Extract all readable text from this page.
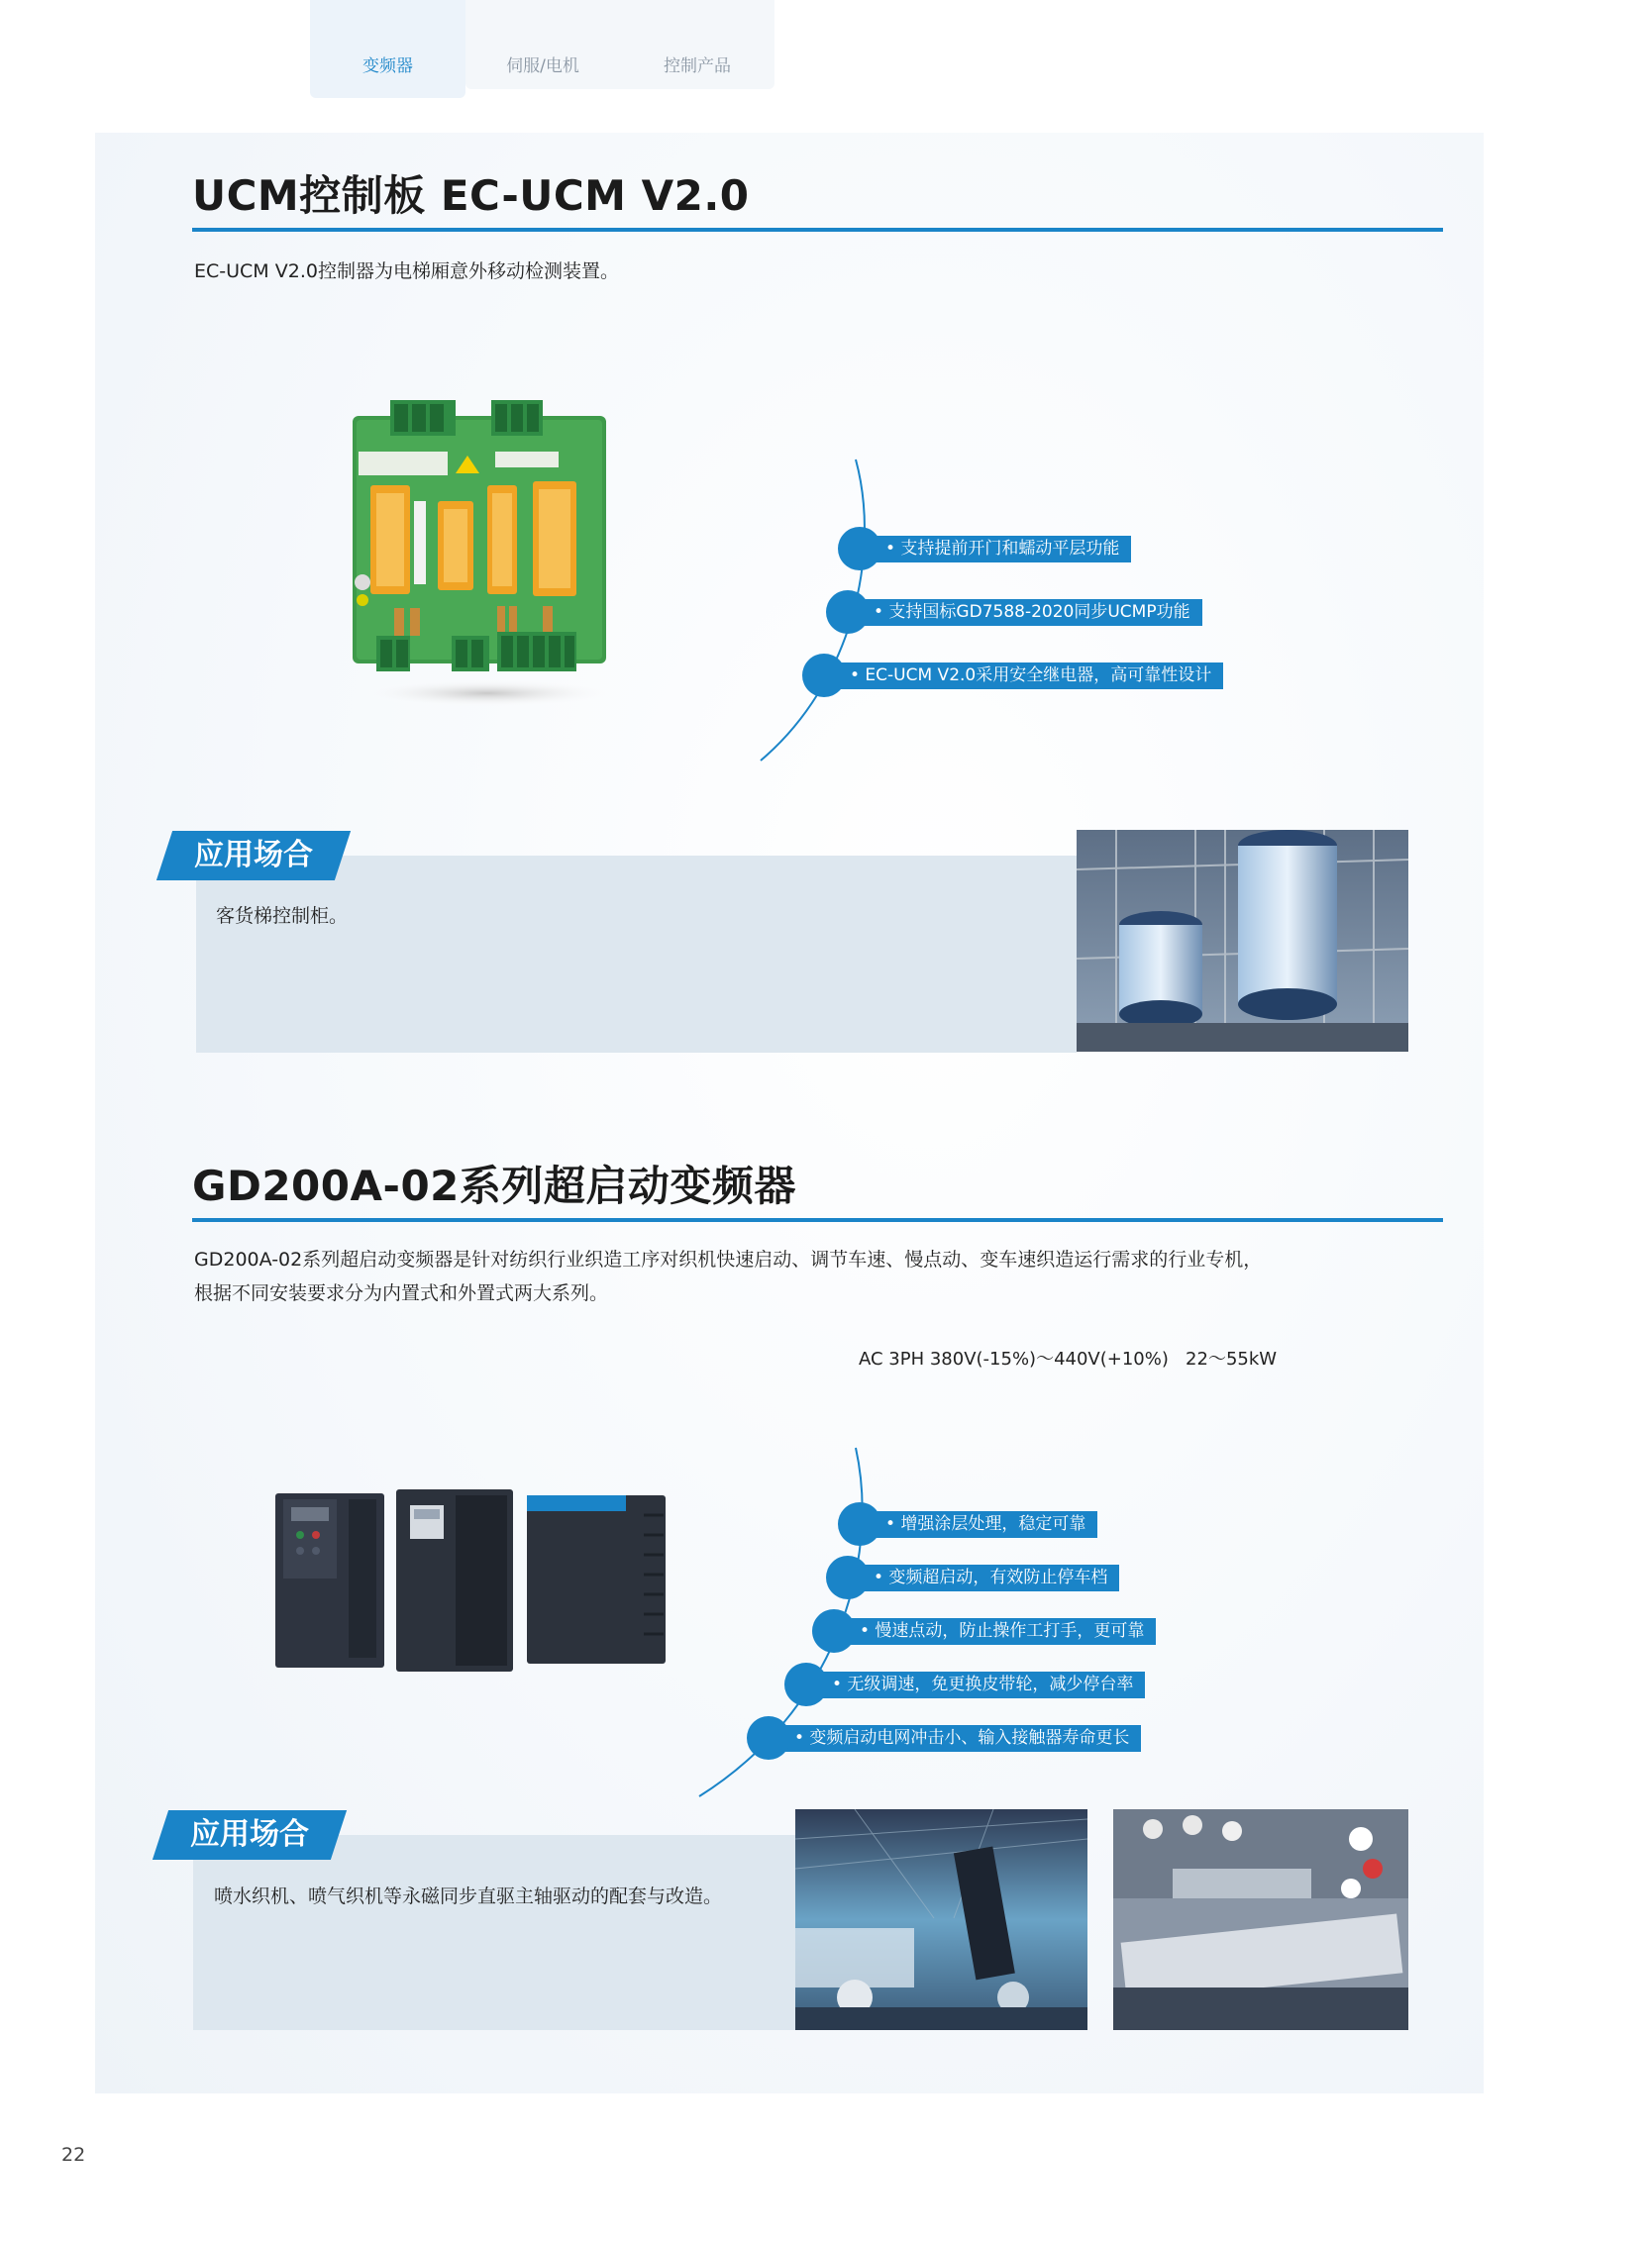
变频器	伺服/电机	控制产品
UCM控制板 EC-UCM V2.0
EC-UCM V2.0控制器为电梯厢意外移动检测装置。
• 支持提前开门和蠕动平层功能
• 支持国标GD7588-2020同步UCMP功能
• EC-UCM V2.0采用安全继电器，高可靠性设计
应用场合
客货梯控制柜。
GD200A-02系列超启动变频器
GD200A-02系列超启动变频器是针对纺织行业织造工序对织机快速启动、调节车速、慢点动、变车速织造运行需求的行业专机，
根据不同安装要求分为内置式和外置式两大系列。
AC 3PH 380V(-15%)～440V(+10%)   22～55kW
• 增强涂层处理，稳定可靠
• 变频超启动，有效防止停车档
• 慢速点动，防止操作工打手，更可靠
• 无级调速，免更换皮带轮，减少停台率
• 变频启动电网冲击小、输入接触器寿命更长
应用场合
喷水织机、喷气织机等永磁同步直驱主轴驱动的配套与改造。
22
